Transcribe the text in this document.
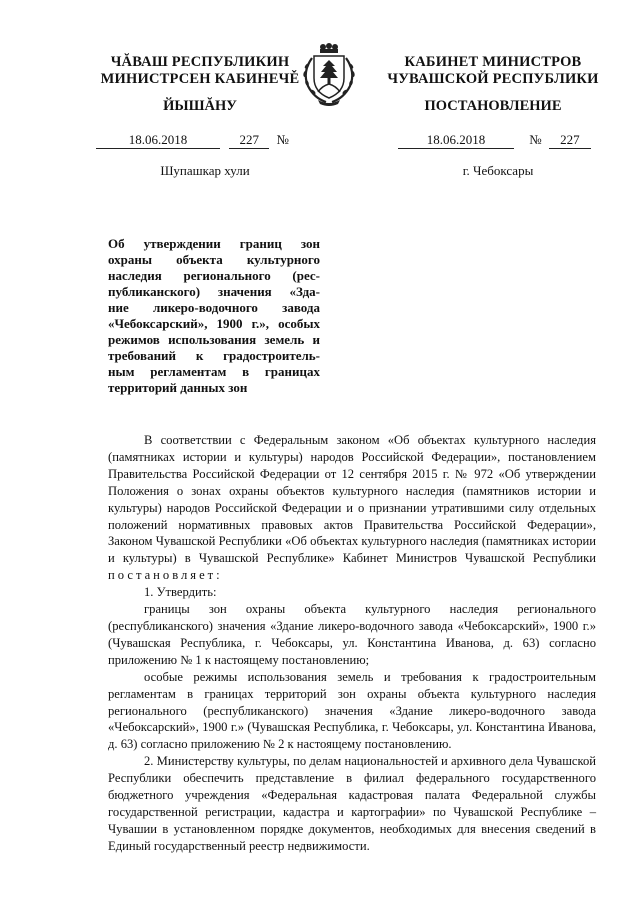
ЧĂВАШ РЕСПУБЛИКИН
МИНИСТРСЕН КАБИНЕЧĚ
ЙЫШĂНУ
КАБИНЕТ МИНИСТРОВ
ЧУВАШСКОЙ РЕСПУБЛИКИ
ПОСТАНОВЛЕНИЕ
18.06.2018	227 №
Шупашкар хули
18.06.2018	№ 227
г. Чебоксары
Об утверждении границ зон
охраны объекта культурного
наследия регионального (рес-
публиканского) значения «Зда-
ние ликеро-водочного завода
«Чебоксарский», 1900 г.», особых
режимов использования земель и
требований к градостроитель-
ным регламентам в границах
территорий данных зон

В соответствии с Федеральным законом «Об объектах культурного наследия (памятниках истории и культуры) народов Российской Федерации», постановлением Правительства Российской Федерации от 12 сентября 2015 г. № 972 «Об утверждении Положения о зонах охраны объектов культурного наследия (памятников истории и культуры) народов Российской Федерации и о признании утратившими силу отдельных положений нормативных правовых актов Правительства Российской Федерации», Законом Чувашской Республики «Об объектах культурного наследия (памятниках истории и культуры) в Чувашской Республике» Кабинет Министров Чувашской Республики постановляет:

1. Утвердить:

границы зон охраны объекта культурного наследия регионального (республиканского) значения «Здание ликеро-водочного завода «Чебоксарский», 1900 г.» (Чувашская Республика, г. Чебоксары, ул. Константина Иванова, д. 63) согласно приложению № 1 к настоящему постановлению;

особые режимы использования земель и требования к градостроительным регламентам в границах территорий зон охраны объекта культурного наследия регионального (республиканского) значения «Здание ликеро-водочного завода «Чебоксарский», 1900 г.» (Чувашская Республика, г. Чебоксары, ул. Константина Иванова, д. 63) согласно приложению № 2 к настоящему постановлению.

2. Министерству культуры, по делам национальностей и архивного дела Чувашской Республики обеспечить представление в филиал федерального государственного бюджетного учреждения «Федеральная кадастровая палата Федеральной службы государственной регистрации, кадастра и картографии» по Чувашской Республике – Чувашии в установленном порядке документов, необходимых для внесения сведений в Единый государственный реестр недвижимости.
